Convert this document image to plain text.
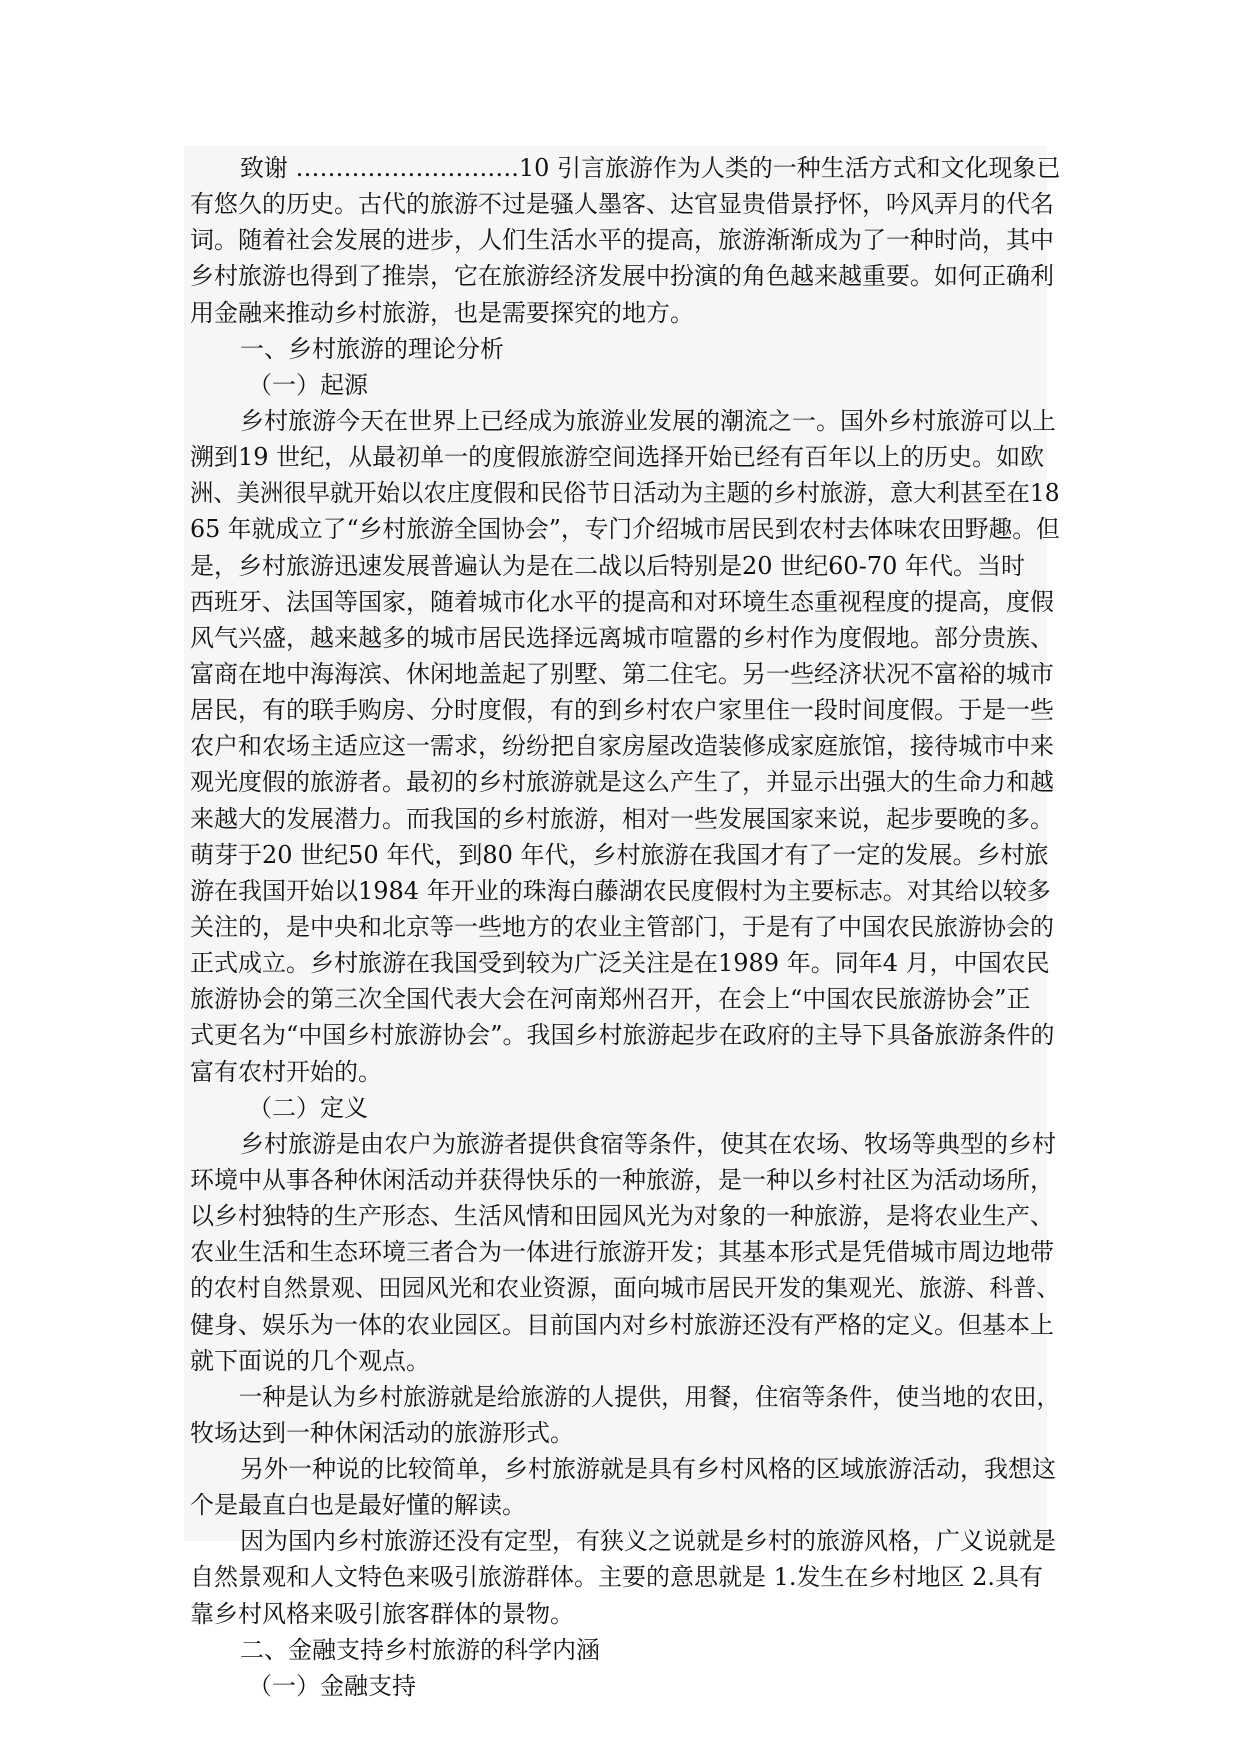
致谢 ……………………….10 引言旅游作为人类的一种生活方式和文化现象已
有悠久的历史。古代的旅游不过是骚人墨客、达官显贵借景抒怀，吟风弄月的代名
词。随着社会发展的进步，人们生活水平的提高，旅游渐渐成为了一种时尚，其中
乡村旅游也得到了推崇，它在旅游经济发展中扮演的角色越来越重要。如何正确利
用金融来推动乡村旅游，也是需要探究的地方。
一、乡村旅游的理论分析
（一）起源
乡村旅游今天在世界上已经成为旅游业发展的潮流之一。国外乡村旅游可以上
溯到19 世纪，从最初单一的度假旅游空间选择开始已经有百年以上的历史。如欧
洲、美洲很早就开始以农庄度假和民俗节日活动为主题的乡村旅游，意大利甚至在18
65 年就成立了“乡村旅游全国协会”，专门介绍城市居民到农村去体味农田野趣。但
是，乡村旅游迅速发展普遍认为是在二战以后特别是20 世纪60-70 年代。当时
西班牙、法国等国家，随着城市化水平的提高和对环境生态重视程度的提高，度假
风气兴盛，越来越多的城市居民选择远离城市喧嚣的乡村作为度假地。部分贵族、
富商在地中海海滨、休闲地盖起了别墅、第二住宅。另一些经济状况不富裕的城市
居民，有的联手购房、分时度假，有的到乡村农户家里住一段时间度假。于是一些
农户和农场主适应这一需求，纷纷把自家房屋改造装修成家庭旅馆，接待城市中来
观光度假的旅游者。最初的乡村旅游就是这么产生了，并显示出强大的生命力和越
来越大的发展潜力。而我国的乡村旅游，相对一些发展国家来说，起步要晚的多。
萌芽于20 世纪50 年代，到80 年代，乡村旅游在我国才有了一定的发展。乡村旅
游在我国开始以1984 年开业的珠海白藤湖农民度假村为主要标志。对其给以较多
关注的，是中央和北京等一些地方的农业主管部门，于是有了中国农民旅游协会的
正式成立。乡村旅游在我国受到较为广泛关注是在1989 年。同年4 月，中国农民
旅游协会的第三次全国代表大会在河南郑州召开，在会上“中国农民旅游协会”正
式更名为“中国乡村旅游协会”。我国乡村旅游起步在政府的主导下具备旅游条件的
富有农村开始的。
（二）定义
乡村旅游是由农户为旅游者提供食宿等条件，使其在农场、牧场等典型的乡村
环境中从事各种休闲活动并获得快乐的一种旅游，是一种以乡村社区为活动场所，
以乡村独特的生产形态、生活风情和田园风光为对象的一种旅游，是将农业生产、
农业生活和生态环境三者合为一体进行旅游开发；其基本形式是凭借城市周边地带
的农村自然景观、田园风光和农业资源，面向城市居民开发的集观光、旅游、科普、
健身、娱乐为一体的农业园区。目前国内对乡村旅游还没有严格的定义。但基本上
就下面说的几个观点。
一种是认为乡村旅游就是给旅游的人提供，用餐，住宿等条件，使当地的农田，
牧场达到一种休闲活动的旅游形式。
另外一种说的比较简单，乡村旅游就是具有乡村风格的区域旅游活动，我想这
个是最直白也是最好懂的解读。
因为国内乡村旅游还没有定型，有狭义之说就是乡村的旅游风格，广义说就是
自然景观和人文特色来吸引旅游群体。主要的意思就是 1.发生在乡村地区 2.具有
靠乡村风格来吸引旅客群体的景物。
二、金融支持乡村旅游的科学内涵
（一）金融支持
